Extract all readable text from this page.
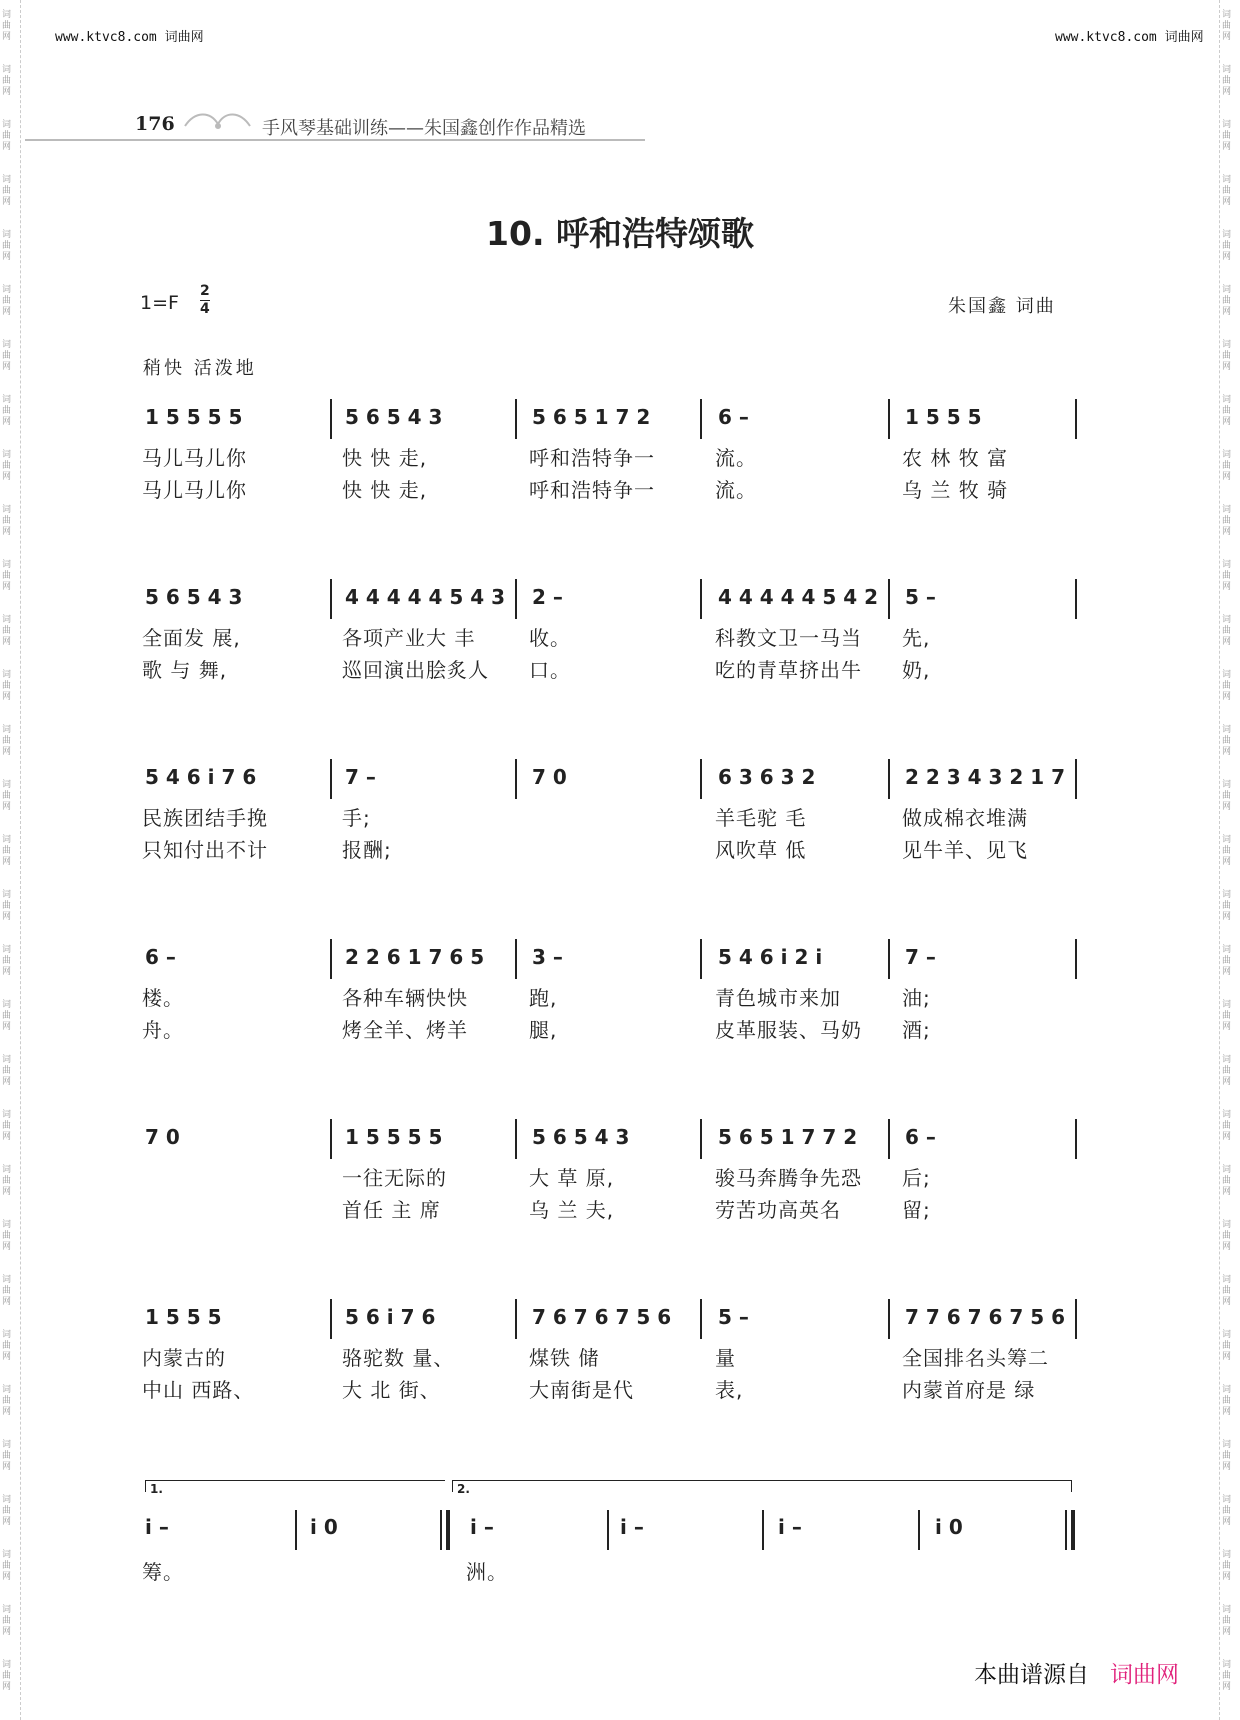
词曲网
词曲网
词曲网
词曲网
词曲网
词曲网
词曲网
词曲网
词曲网
词曲网
词曲网
词曲网
词曲网
词曲网
词曲网
词曲网
词曲网
词曲网
词曲网
词曲网
词曲网
词曲网
词曲网
词曲网
词曲网
词曲网
词曲网
词曲网
词曲网
词曲网
词曲网
词曲网
词曲网
词曲网
词曲网
词曲网
词曲网
词曲网
词曲网
词曲网
词曲网
词曲网
词曲网
词曲网
词曲网
词曲网
词曲网
词曲网
词曲网
词曲网
词曲网
词曲网
词曲网
词曲网
词曲网
词曲网
词曲网
词曲网
词曲网
词曲网
词曲网
词曲网
www.ktvc8.com 词曲网	www.ktvc8.com 词曲网
176	手风琴基础训练——朱国鑫创作作品精选
10. 呼和浩特颂歌
$1=F \frac{2}{4}$	朱国鑫 词曲
稍快 活泼地
1 5 5 5 5
马儿马儿你
马儿马儿你
5 6 5 4 3
快 快 走,
快 快 走,
5 6 5 1 7 2
呼和浩特争一
呼和浩特争一
6 –
流。
流。
1 5 5 5
农 林 牧 富
乌 兰 牧 骑
5 6 5 4 3
全面发 展,
歌 与 舞,
4 4 4 4 4 5 4 3
各项产业大 丰
巡回演出脍炙人
2 –
收。
口。
4 4 4 4 4 5 4 2
科教文卫一马当
吃的青草挤出牛
5 –
先,
奶,
5 4 6 i 7 6
民族团结手挽
只知付出不计
7 –
手;
报酬;
7 0	6 3 6 3 2
羊毛驼 毛
风吹草 低
2 2 3 4 3 2 1 7
做成棉衣堆满
见牛羊、见飞
6 –
楼。
舟。
2 2 6 1 7 6 5
各种车辆快快
烤全羊、烤羊
3 –
跑,
腿,
5 4 6 i 2 i
青色城市来加
皮革服装、马奶
7 –
油;
酒;
7 0	1 5 5 5 5
一往无际的
首任 主 席
5 6 5 4 3
大 草 原,
乌 兰 夫,
5 6 5 1 7 7 2
骏马奔腾争先恐
劳苦功高英名
6 –
后;
留;
1 5 5 5
内蒙古的
中山 西路、
5 6 i 7 6
骆驼数 量、
大 北 街、
7 6 7 6 7 5 6
煤铁 储
大南街是代
5 –
量
表,
7 7 6 7 6 7 5 6
全国排名头筹二
内蒙首府是 绿
1.	2.
i –	i 0	i –	i –	i –	i 0
筹。	洲。
本曲谱源自 词曲网
